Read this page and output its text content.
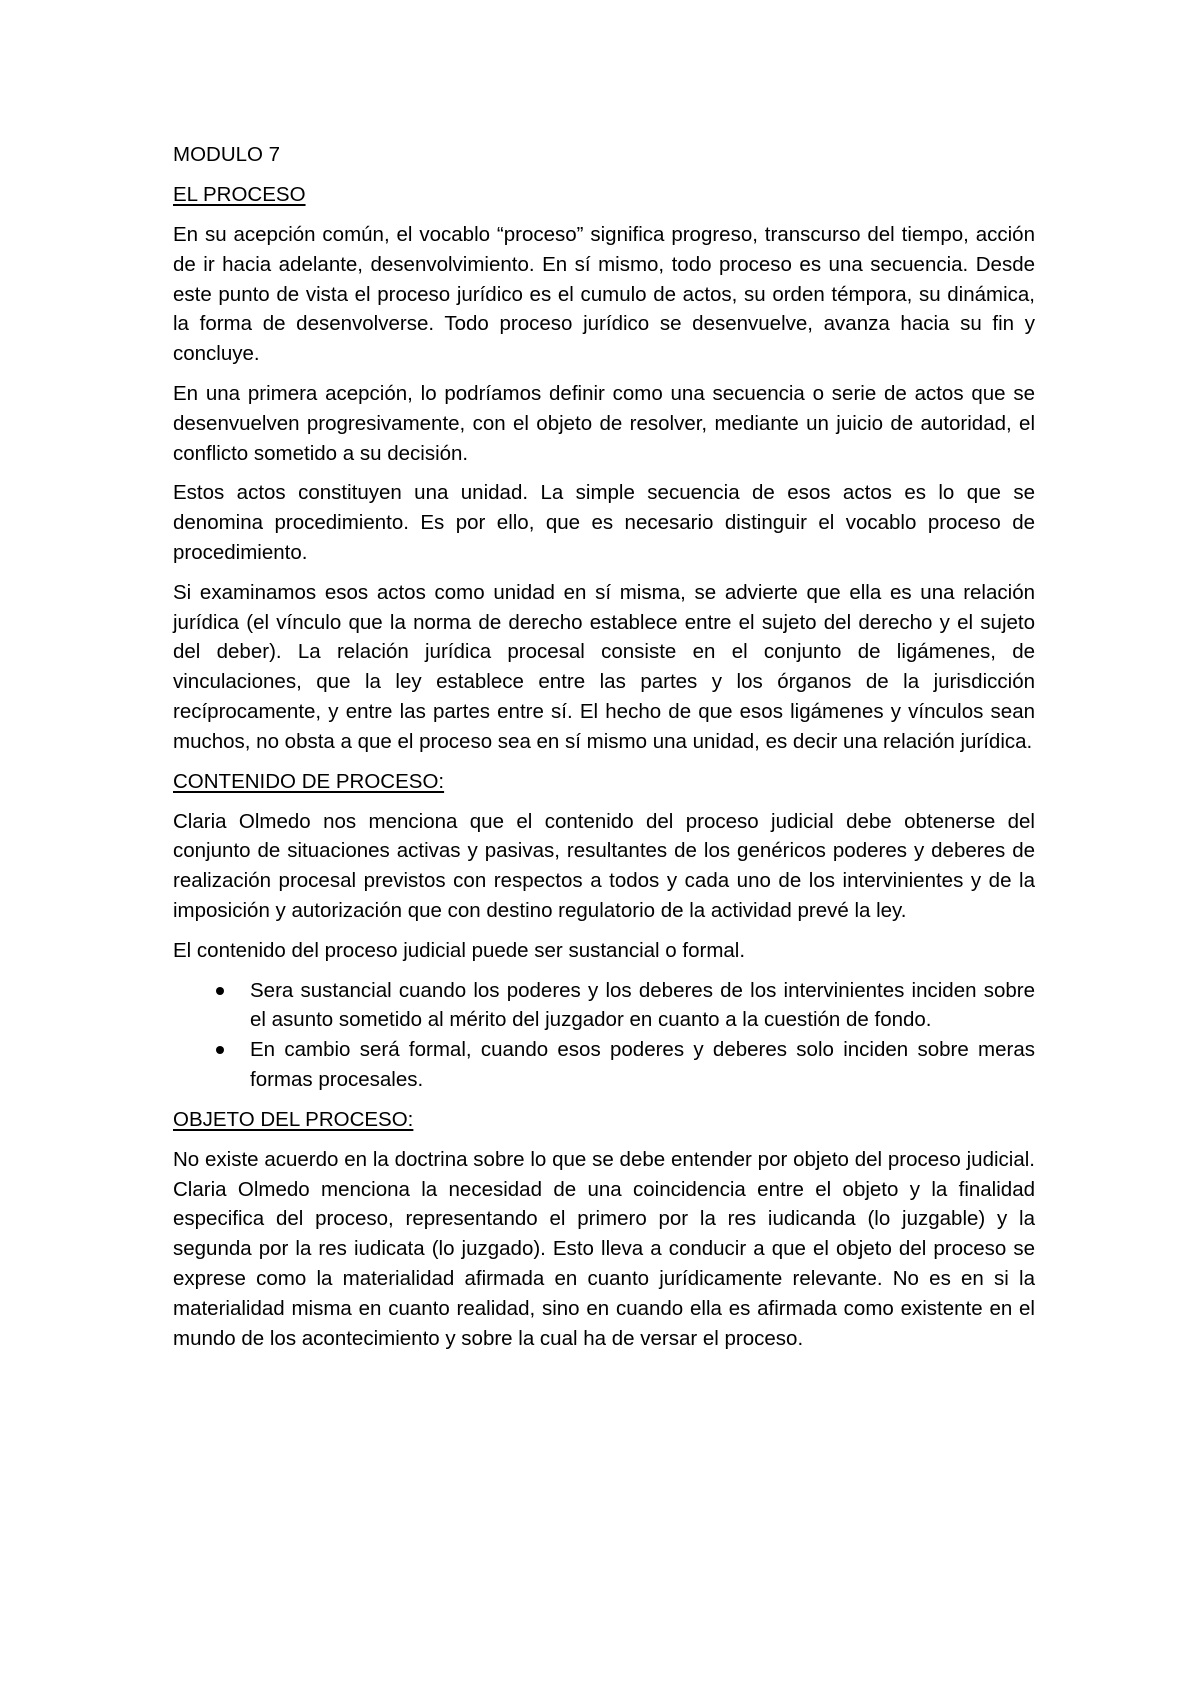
MODULO 7

EL PROCESO

En su acepción común, el vocablo “proceso” significa progreso, transcurso del tiempo, acción de ir hacia adelante, desenvolvimiento. En sí mismo, todo proceso es una secuencia. Desde este punto de vista el proceso jurídico es el cumulo de actos, su orden témpora, su dinámica, la forma de desenvolverse. Todo proceso jurídico se desenvuelve, avanza hacia su fin y concluye.

En una primera acepción, lo podríamos definir como una secuencia o serie de actos que se desenvuelven progresivamente, con el objeto de resolver, mediante un juicio de autoridad, el conflicto sometido a su decisión.

Estos actos constituyen una unidad. La simple secuencia de esos actos es lo que se denomina procedimiento. Es por ello, que es necesario distinguir el vocablo proceso de procedimiento.

Si examinamos esos actos como unidad en sí misma, se advierte que ella es una relación jurídica (el vínculo que la norma de derecho establece entre el sujeto del derecho y el sujeto del deber). La relación jurídica procesal consiste en el conjunto de ligámenes, de vinculaciones, que la ley establece entre las partes y los órganos de la jurisdicción recíprocamente, y entre las partes entre sí. El hecho de que esos ligámenes y vínculos sean muchos, no obsta a que el proceso sea en sí mismo una unidad, es decir una relación jurídica.

CONTENIDO DE PROCESO:

Claria Olmedo nos menciona que el contenido del proceso judicial debe obtenerse del conjunto de situaciones activas y pasivas, resultantes de los genéricos poderes y deberes de realización procesal previstos con respectos a todos y cada uno de los intervinientes y de la imposición y autorización que con destino regulatorio de la actividad prevé la ley.

El contenido del proceso judicial puede ser sustancial o formal.

Sera sustancial cuando los poderes y los deberes de los intervinientes inciden sobre el asunto sometido al mérito del juzgador en cuanto a la cuestión de fondo.
En cambio será formal, cuando esos poderes y deberes solo inciden sobre meras formas procesales.

OBJETO DEL PROCESO:

No existe acuerdo en la doctrina sobre lo que se debe entender por objeto del proceso judicial. Claria Olmedo menciona la necesidad de una coincidencia entre el objeto y la finalidad especifica del proceso, representando el primero por la res iudicanda (lo juzgable) y la segunda por la res iudicata (lo juzgado). Esto lleva a conducir a que el objeto del proceso se exprese como la materialidad afirmada en cuanto jurídicamente relevante. No es en si la materialidad misma en cuanto realidad, sino en cuando ella es afirmada como existente en el mundo de los acontecimiento y sobre la cual ha de versar el proceso.
